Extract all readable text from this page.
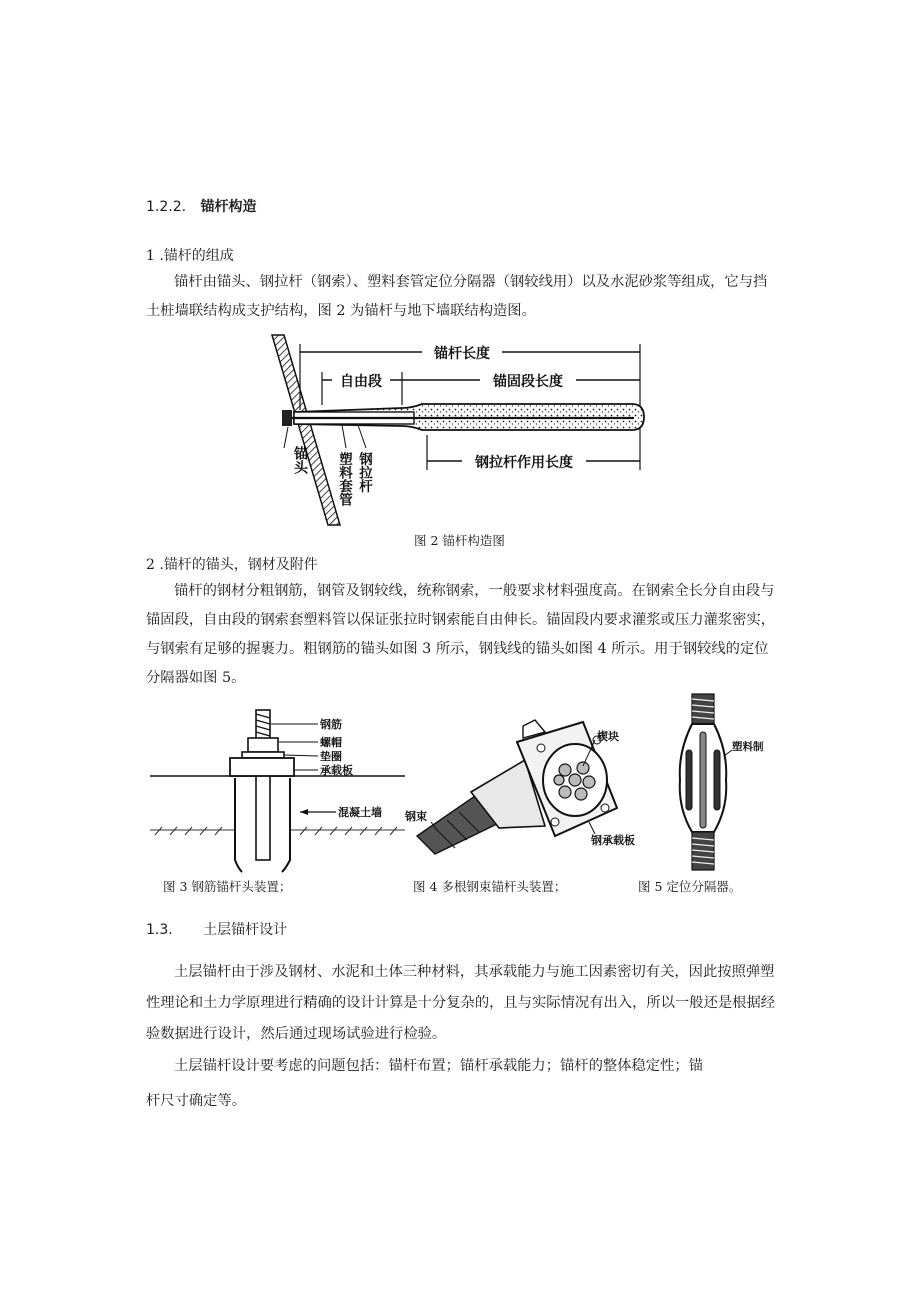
1.2.2. 锚杆构造
1 .锚杆的组成
锚杆由锚头、钢拉杆（钢索）、塑料套管定位分隔器（钢较线用）以及水泥砂浆等组成，它与挡土桩墙联结构成支护结构，图 2 为锚杆与地下墙联结构造图。
锚杆长度
自由段	锚固段长度
钢拉杆作用长度
锚头 塑料套管 钢拉杆
图 2 锚杆构造图
2 .锚杆的锚头，钢材及附件
锚杆的钢材分粗钢筋，钢管及钢较线，统称钢索，一般要求材料强度高。在钢索全长分自由段与锚固段，自由段的钢索套塑料管以保证张拉时钢索能自由伸长。锚固段内要求灌浆或压力灌浆密实，与钢索有足够的握裹力。粗钢筋的锚头如图 3 所示，钢钱线的锚头如图 4 所示。用于钢较线的定位分隔器如图 5。
钢筋
螺帽
垫圈
承载板
混凝土墙
图 3 钢筋锚杆头装置；
楔块
钢束
钢承载板
图 4 多根钢束锚杆头装置；
塑料制
图 5 定位分隔器。
1.3. 土层锚杆设计
土层锚杆由于涉及钢材、水泥和土体三种材料，其承载能力与施工因素密切有关，因此按照弹塑性理论和土力学原理进行精确的设计计算是十分复杂的，且与实际情况有出入，所以一般还是根据经验数据进行设计，然后通过现场试验进行检验。
土层锚杆设计要考虑的问题包括：锚杆布置；锚杆承载能力；锚杆的整体稳定性；锚
杆尺寸确定等。
